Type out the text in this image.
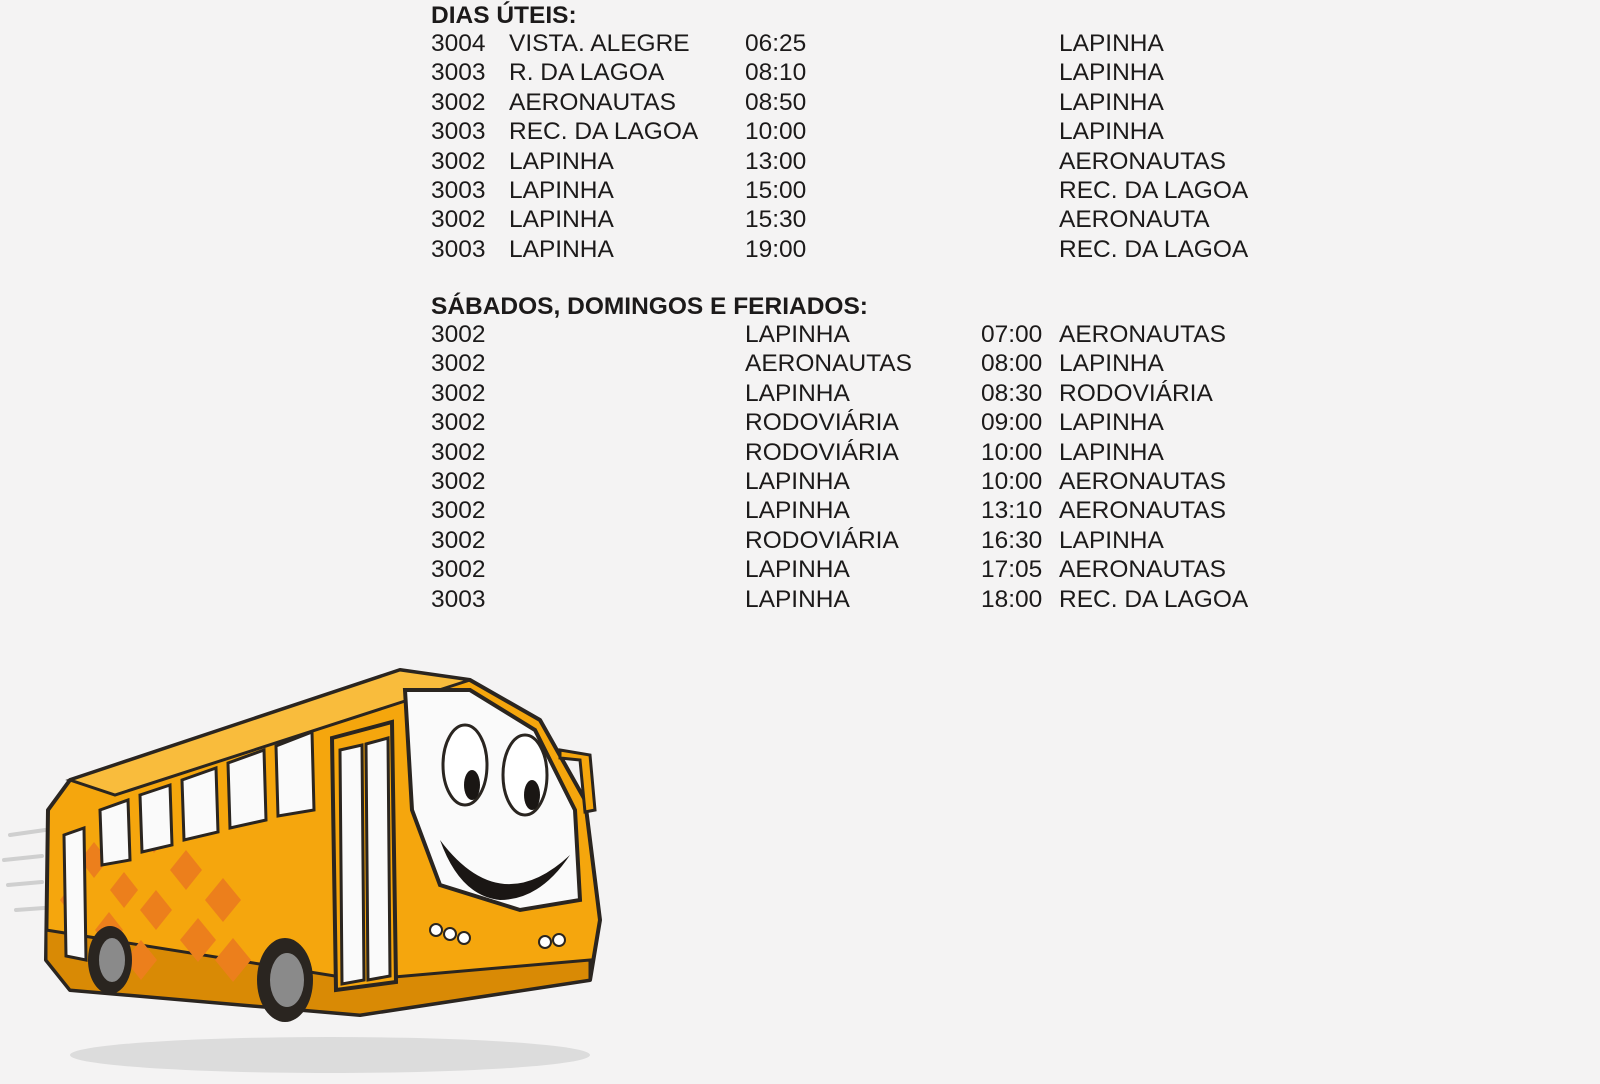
DIAS ÚTEIS:
3004 VISTA. ALEGRE 06:25	LAPINHA
3003 R. DA LAGOA	08:10	LAPINHA
3002 AERONAUTAS	08:50	LAPINHA
3003 REC. DA LAGOA 10:00	LAPINHA
3002 LAPINHA	13:00	AERONAUTAS
3003 LAPINHA	15:00	REC. DA LAGOA
3002 LAPINHA	15:30	AERONAUTA
3003 LAPINHA	19:00	REC. DA LAGOA
SÁBADOS, DOMINGOS E FERIADOS:
3002	LAPINHA	07:00 AERONAUTAS
3002	AERONAUTAS	08:00 LAPINHA
3002	LAPINHA	08:30 RODOVIÁRIA
3002	RODOVIÁRIA	09:00 LAPINHA
3002	RODOVIÁRIA	10:00 LAPINHA
3002	LAPINHA	10:00 AERONAUTAS
3002	LAPINHA	13:10 AERONAUTAS
3002	RODOVIÁRIA	16:30 LAPINHA
3002	LAPINHA	17:05 AERONAUTAS
3003	LAPINHA	18:00 REC. DA LAGOA
